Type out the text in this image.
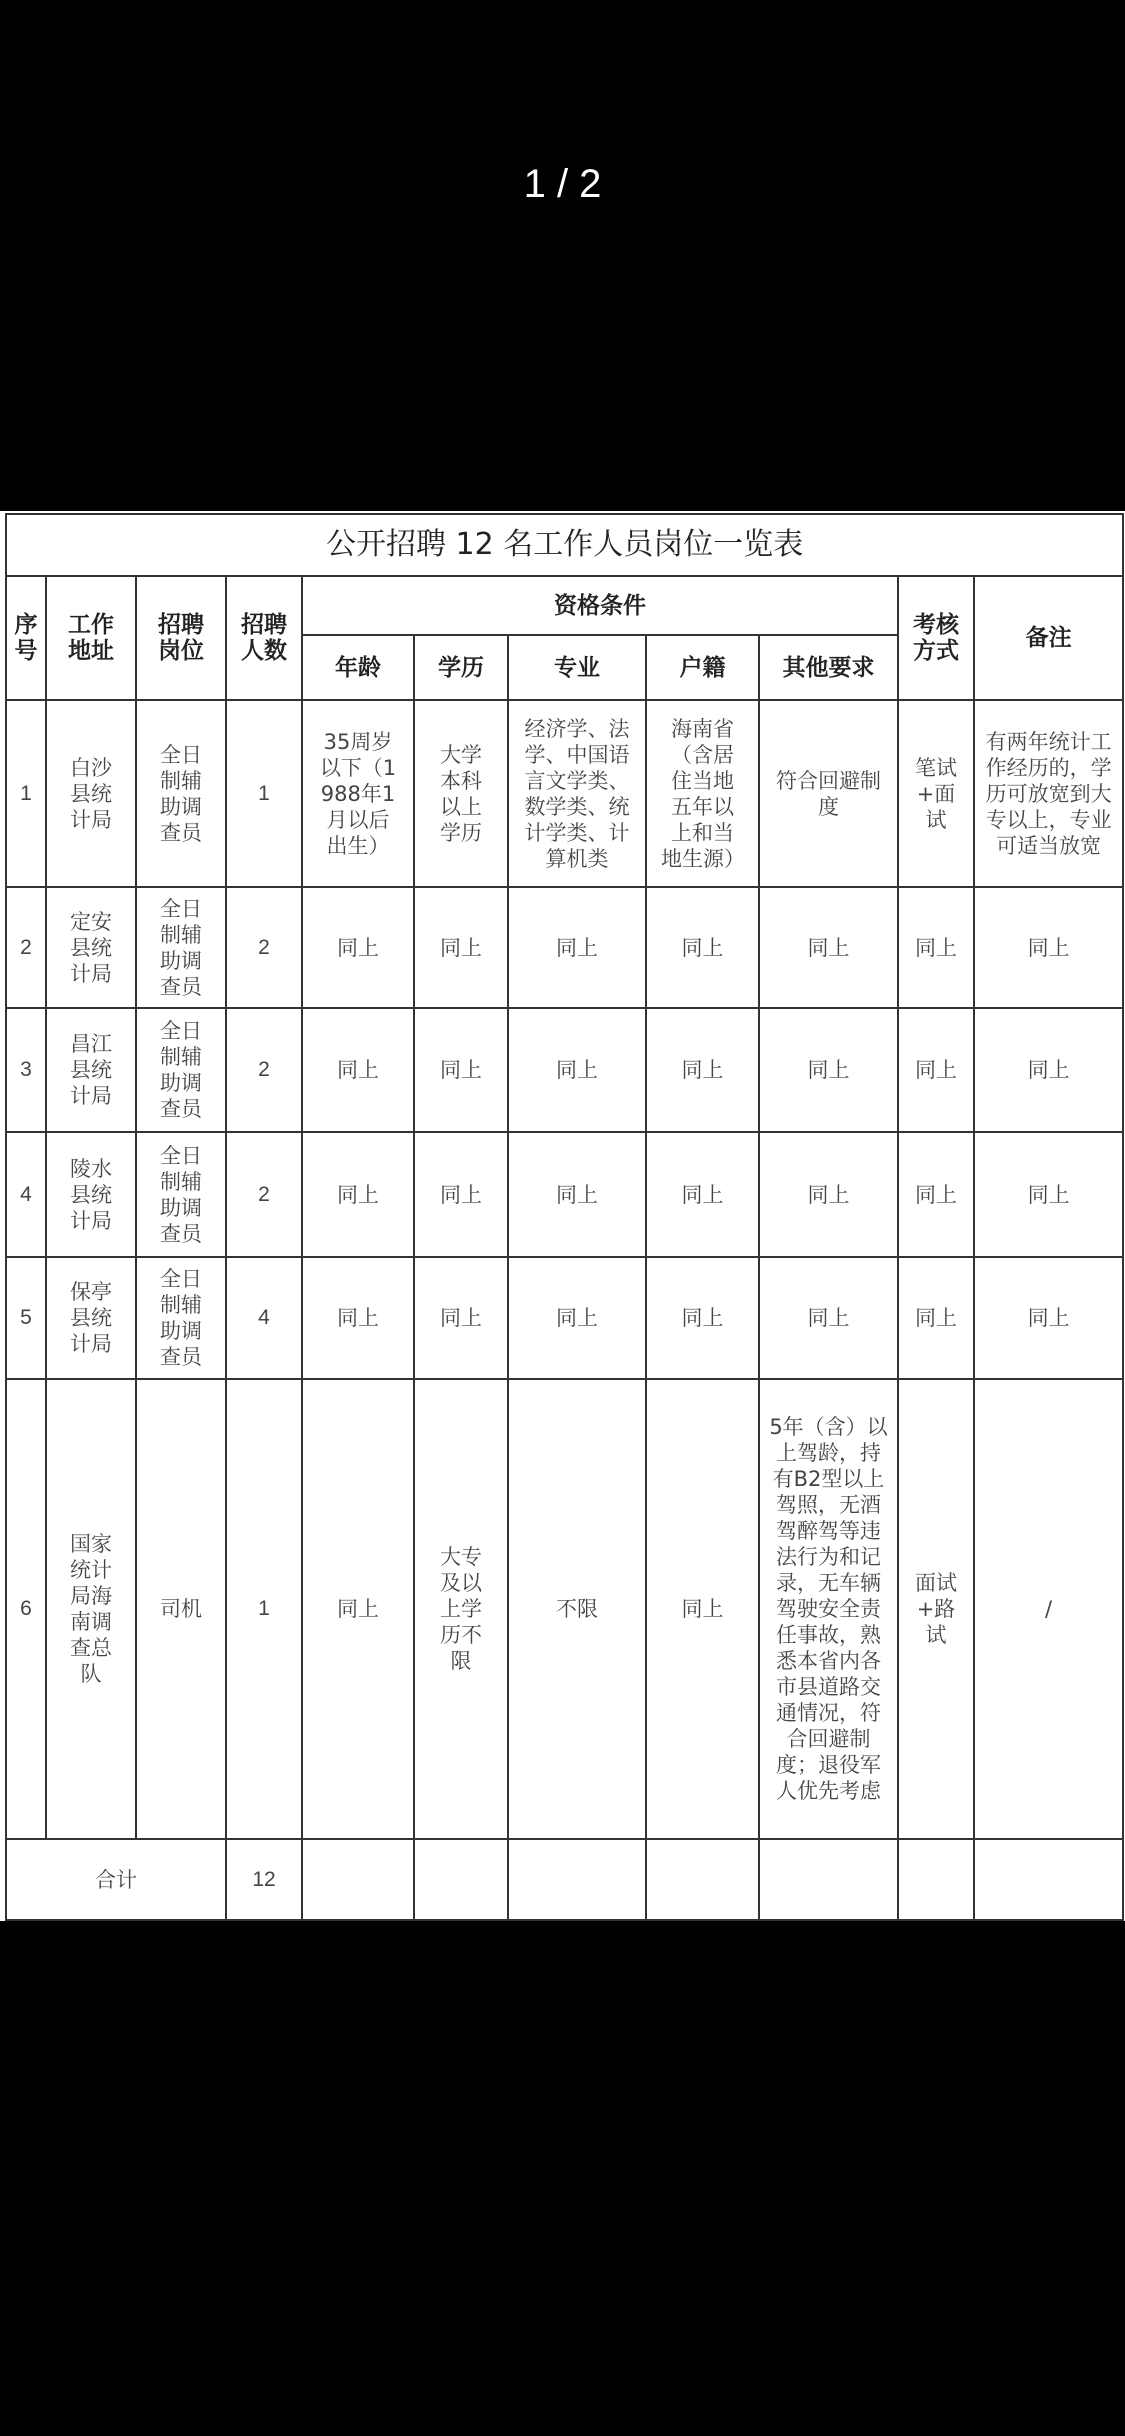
1 / 2
公开招聘 12 名工作人员岗位一览表										
序号	工作地址	招聘岗位	招聘人数	资格条件					考核方式	备注
				年龄	学历	专业	户籍	其他要求		
1	白沙县统计局	全日制辅助调查员	1	35周岁以下（1988年1月以后出生）	大学本科以上学历	经济学、法学、中国语言文学类、数学类、统计学类、计算机类	海南省（含居住当地五年以上和当地生源）	符合回避制度	笔试+面试	有两年统计工作经历的，学历可放宽到大专以上，专业可适当放宽
2	定安县统计局	全日制辅助调查员	2	同上	同上	同上	同上	同上	同上	同上
3	昌江县统计局	全日制辅助调查员	2	同上	同上	同上	同上	同上	同上	同上
4	陵水县统计局	全日制辅助调查员	2	同上	同上	同上	同上	同上	同上	同上
5	保亭县统计局	全日制辅助调查员	4	同上	同上	同上	同上	同上	同上	同上
6	国家统计局海南调查总队	司机	1	同上	大专及以上学历不限	不限	同上	5年（含）以上驾龄，持有B2型以上驾照，无酒驾醉驾等违法行为和记录，无车辆驾驶安全责任事故，熟悉本省内各市县道路交通情况，符合回避制度；退役军人优先考虑	面试+路试	/
合计			12							
